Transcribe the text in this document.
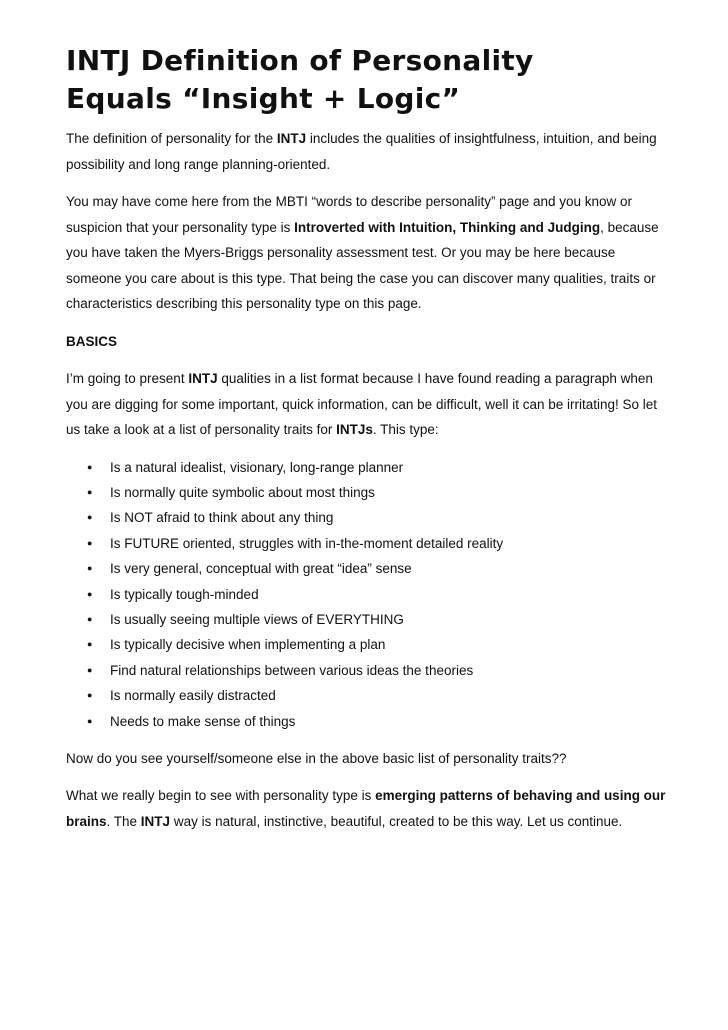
INTJ Definition of Personality
Equals “Insight + Logic”

The definition of personality for the INTJ includes the qualities of insightfulness, intuition, and being possibility and long range planning-oriented.

You may have come here from the MBTI “words to describe personality” page and you know or suspicion that your personality type is Introverted with Intuition, Thinking and Judging, because you have taken the Myers-Briggs personality assessment test. Or you may be here because someone you care about is this type. That being the case you can discover many qualities, traits or characteristics describing this personality type on this page.

BASICS

I’m going to present INTJ qualities in a list format because I have found reading a paragraph when you are digging for some important, quick information, can be difficult, well it can be irritating! So let us take a look at a list of personality traits for INTJs. This type:

● Is a natural idealist, visionary, long-range planner
● Is normally quite symbolic about most things
● Is NOT afraid to think about any thing
● Is FUTURE oriented, struggles with in-the-moment detailed reality
● Is very general, conceptual with great “idea” sense
● Is typically tough-minded
● Is usually seeing multiple views of EVERYTHING
● Is typically decisive when implementing a plan
● Find natural relationships between various ideas the theories
● Is normally easily distracted
● Needs to make sense of things

Now do you see yourself/someone else in the above basic list of personality traits??

What we really begin to see with personality type is emerging patterns of behaving and using our brains. The INTJ way is natural, instinctive, beautiful, created to be this way. Let us continue.
